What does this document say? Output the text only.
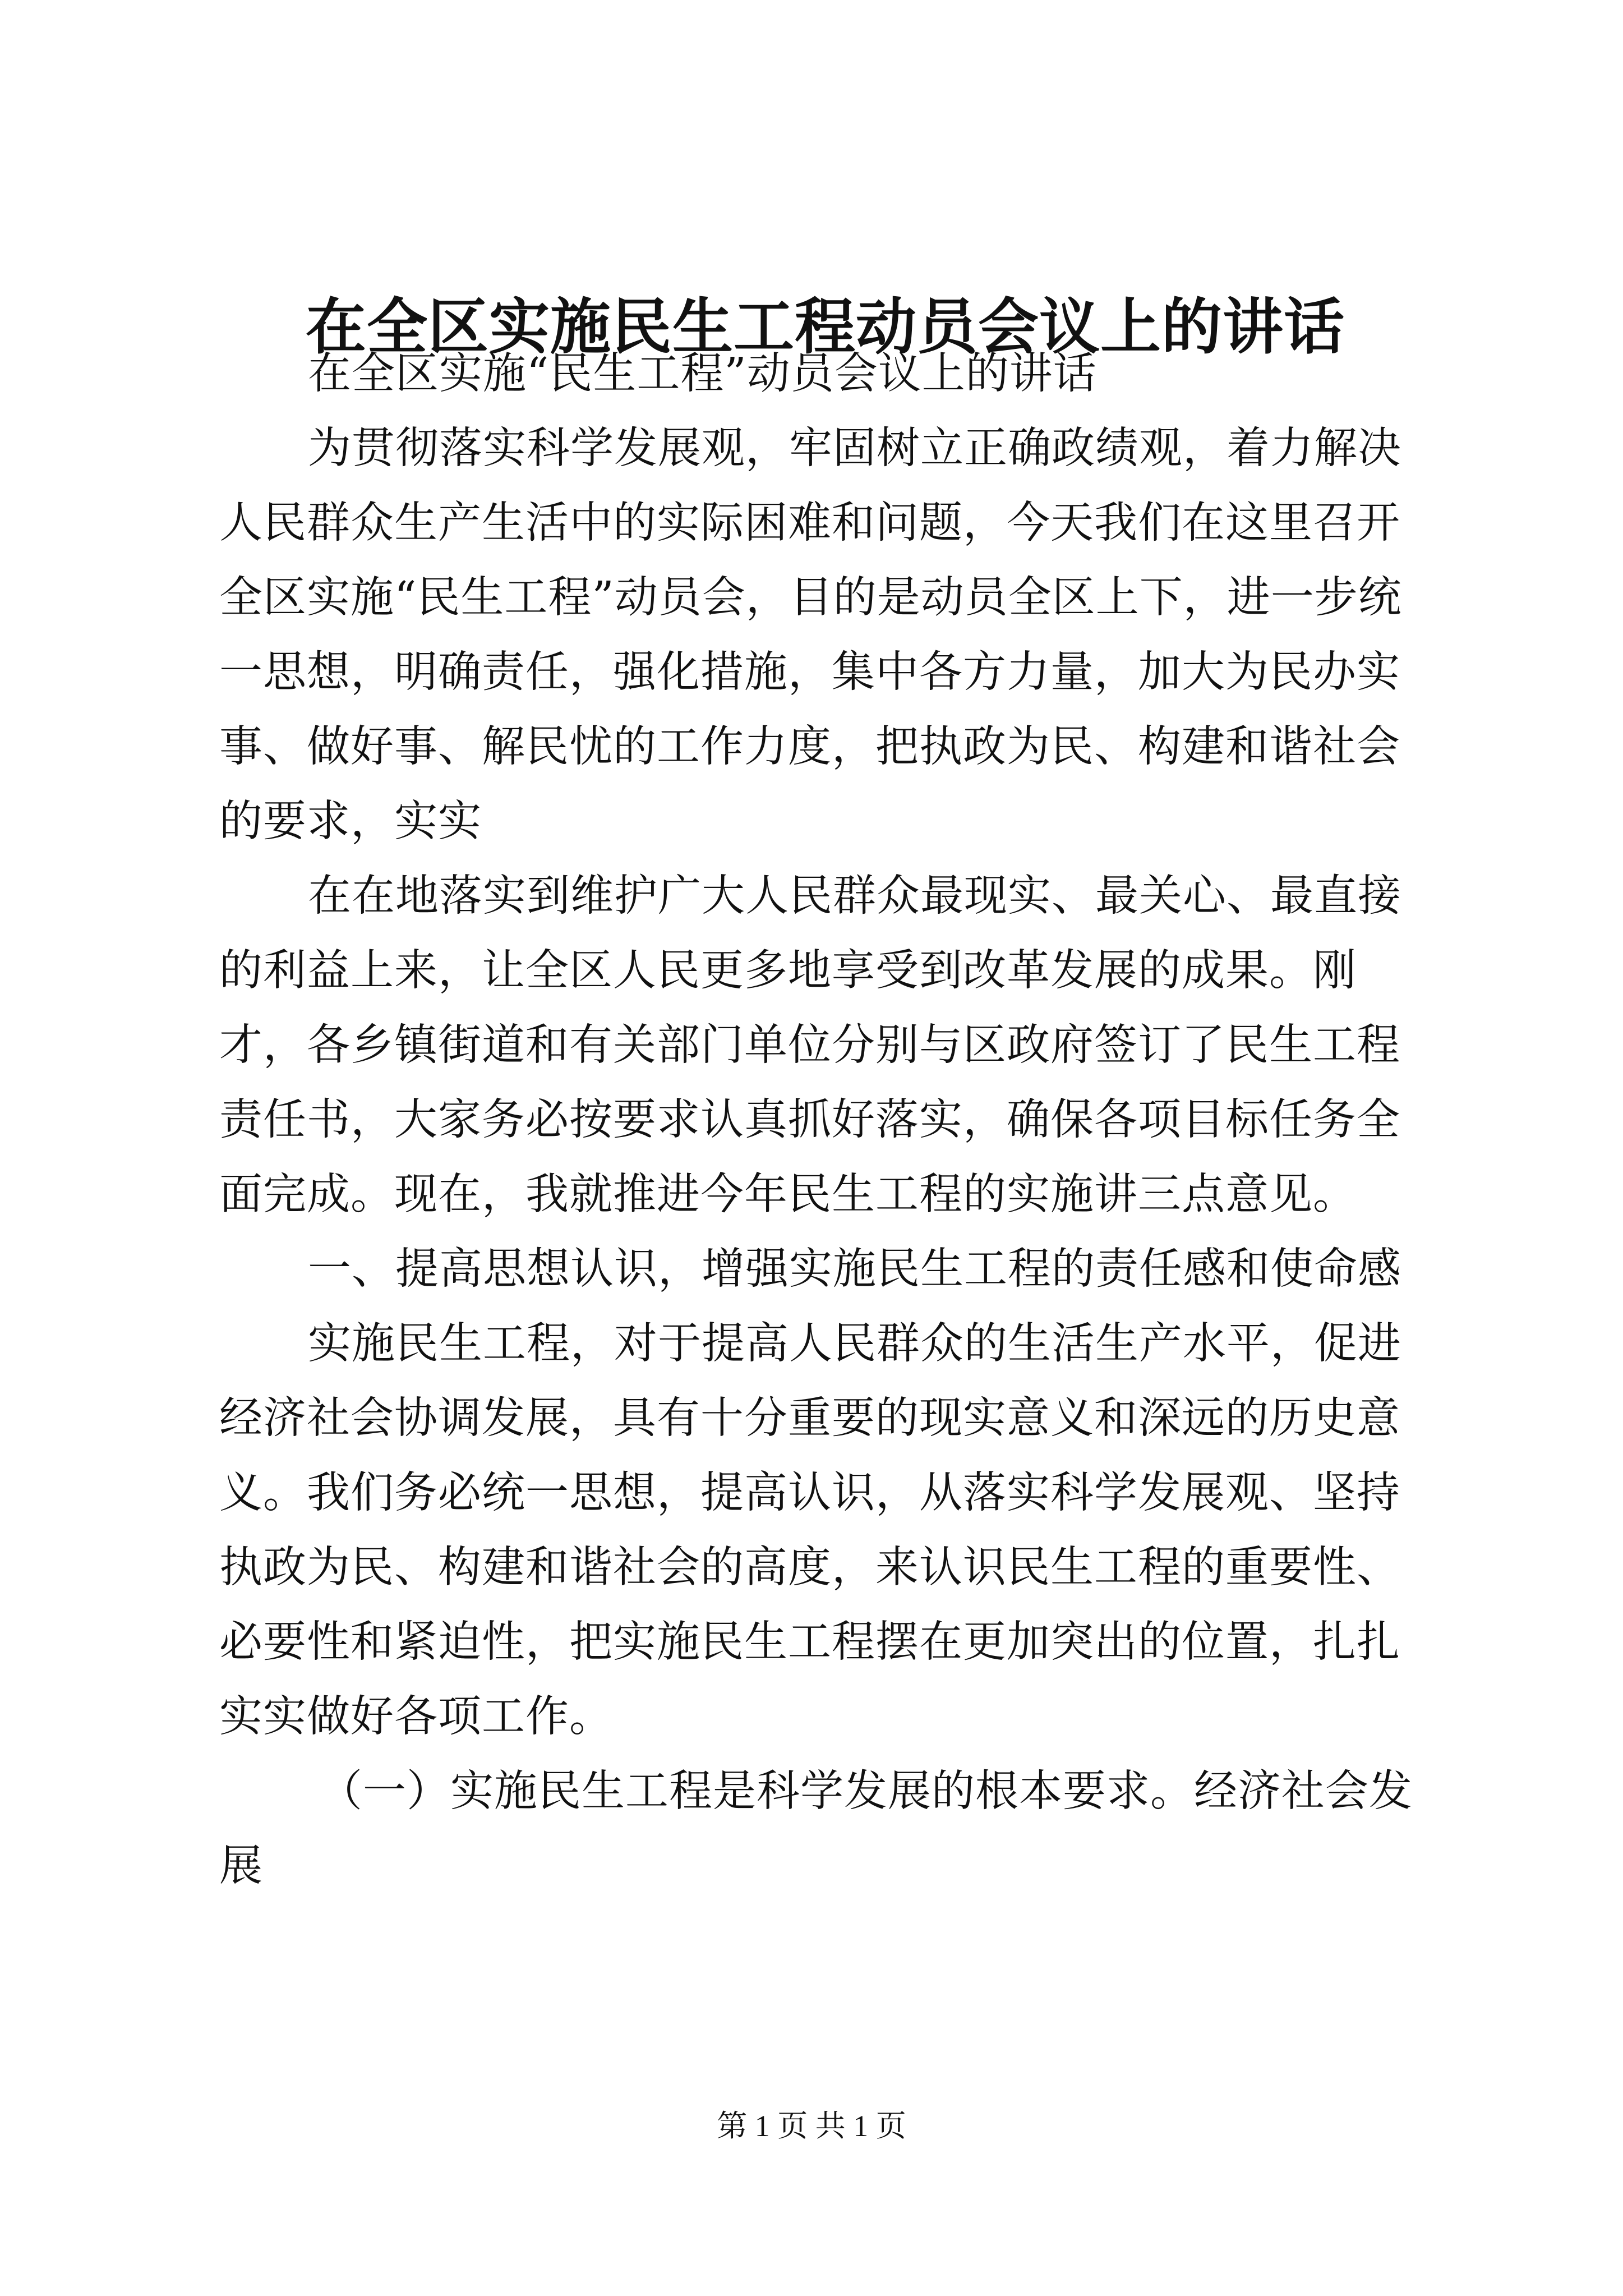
在全区实施民生工程动员会议上的讲话

在全区实施“民生工程”动员会议上的讲话

为贯彻落实科学发展观，牢固树立正确政绩观，着力解决人民群众生产生活中的实际困难和问题，今天我们在这里召开全区实施“民生工程”动员会，目的是动员全区上下，进一步统一思想，明确责任，强化措施，集中各方力量，加大为民办实事、做好事、解民忧的工作力度，把执政为民、构建和谐社会的要求，实实

在在地落实到维护广大人民群众最现实、最关心、最直接的利益上来，让全区人民更多地享受到改革发展的成果。刚才，各乡镇街道和有关部门单位分别与区政府签订了民生工程责任书，大家务必按要求认真抓好落实，确保各项目标任务全面完成。现在，我就推进今年民生工程的实施讲三点意见。

一、提高思想认识，增强实施民生工程的责任感和使命感

实施民生工程，对于提高人民群众的生活生产水平，促进经济社会协调发展，具有十分重要的现实意义和深远的历史意义。我们务必统一思想，提高认识，从落实科学发展观、坚持执政为民、构建和谐社会的高度，来认识民生工程的重要性、必要性和紧迫性，把实施民生工程摆在更加突出的位置，扎扎实实做好各项工作。

（一）实施民生工程是科学发展的根本要求。经济社会发展

第 1 页 共 1 页
